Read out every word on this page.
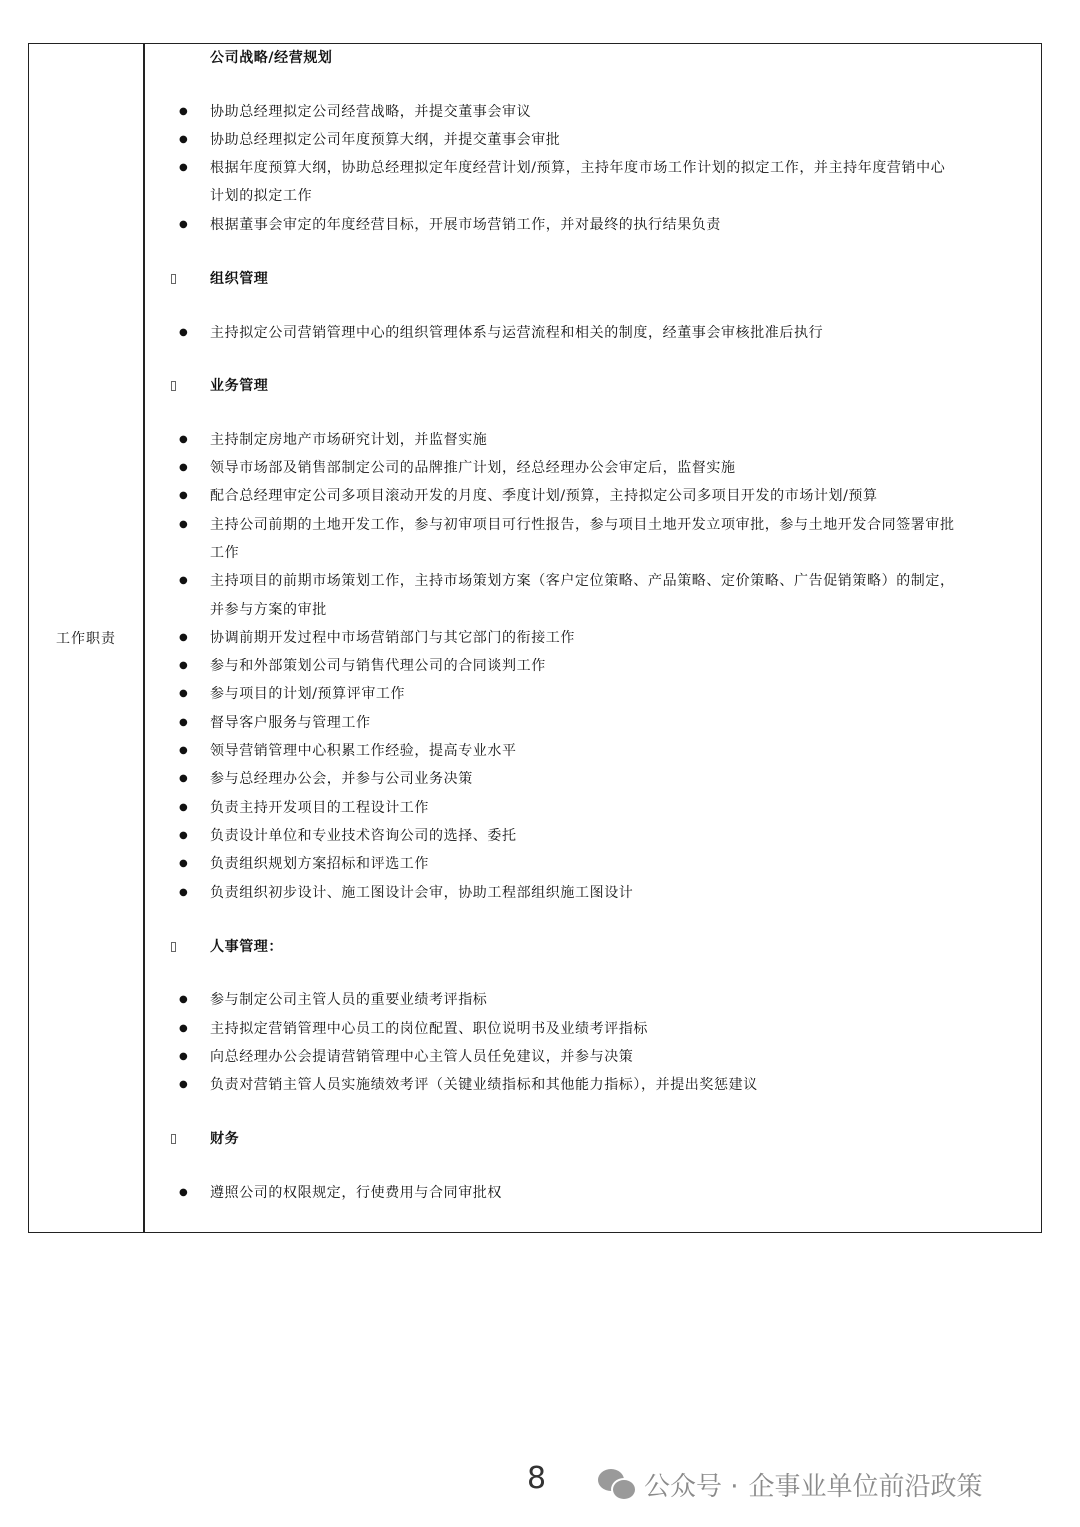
工作职责
公司战略/经营规划
● 协助总经理拟定公司经营战略，并提交董事会审议
● 协助总经理拟定公司年度预算大纲，并提交董事会审批
● 根据年度预算大纲，协助总经理拟定年度经营计划/预算，主持年度市场工作计划的拟定工作，并主持年度营销中心
计划的拟定工作
● 根据董事会审定的年度经营目标，开展市场营销工作，并对最终的执行结果负责
组织管理
● 主持拟定公司营销管理中心的组织管理体系与运营流程和相关的制度，经董事会审核批准后执行
业务管理
● 主持制定房地产市场研究计划，并监督实施
● 领导市场部及销售部制定公司的品牌推广计划，经总经理办公会审定后，监督实施
● 配合总经理审定公司多项目滚动开发的月度、季度计划/预算，主持拟定公司多项目开发的市场计划/预算
● 主持公司前期的土地开发工作，参与初审项目可行性报告，参与项目土地开发立项审批，参与土地开发合同签署审批
工作
● 主持项目的前期市场策划工作，主持市场策划方案（客户定位策略、产品策略、定价策略、广告促销策略）的制定，
并参与方案的审批
● 协调前期开发过程中市场营销部门与其它部门的衔接工作
● 参与和外部策划公司与销售代理公司的合同谈判工作
● 参与项目的计划/预算评审工作
● 督导客户服务与管理工作
● 领导营销管理中心积累工作经验，提高专业水平
● 参与总经理办公会，并参与公司业务决策
● 负责主持开发项目的工程设计工作
● 负责设计单位和专业技术咨询公司的选择、委托
● 负责组织规划方案招标和评选工作
● 负责组织初步设计、施工图设计会审，协助工程部组织施工图设计
人事管理：
● 参与制定公司主管人员的重要业绩考评指标
● 主持拟定营销管理中心员工的岗位配置、职位说明书及业绩考评指标
● 向总经理办公会提请营销管理中心主管人员任免建议，并参与决策
● 负责对营销主管人员实施绩效考评（关键业绩指标和其他能力指标），并提出奖惩建议
财务
● 遵照公司的权限规定，行使费用与合同审批权
8	公众号 · 企事业单位前沿政策
